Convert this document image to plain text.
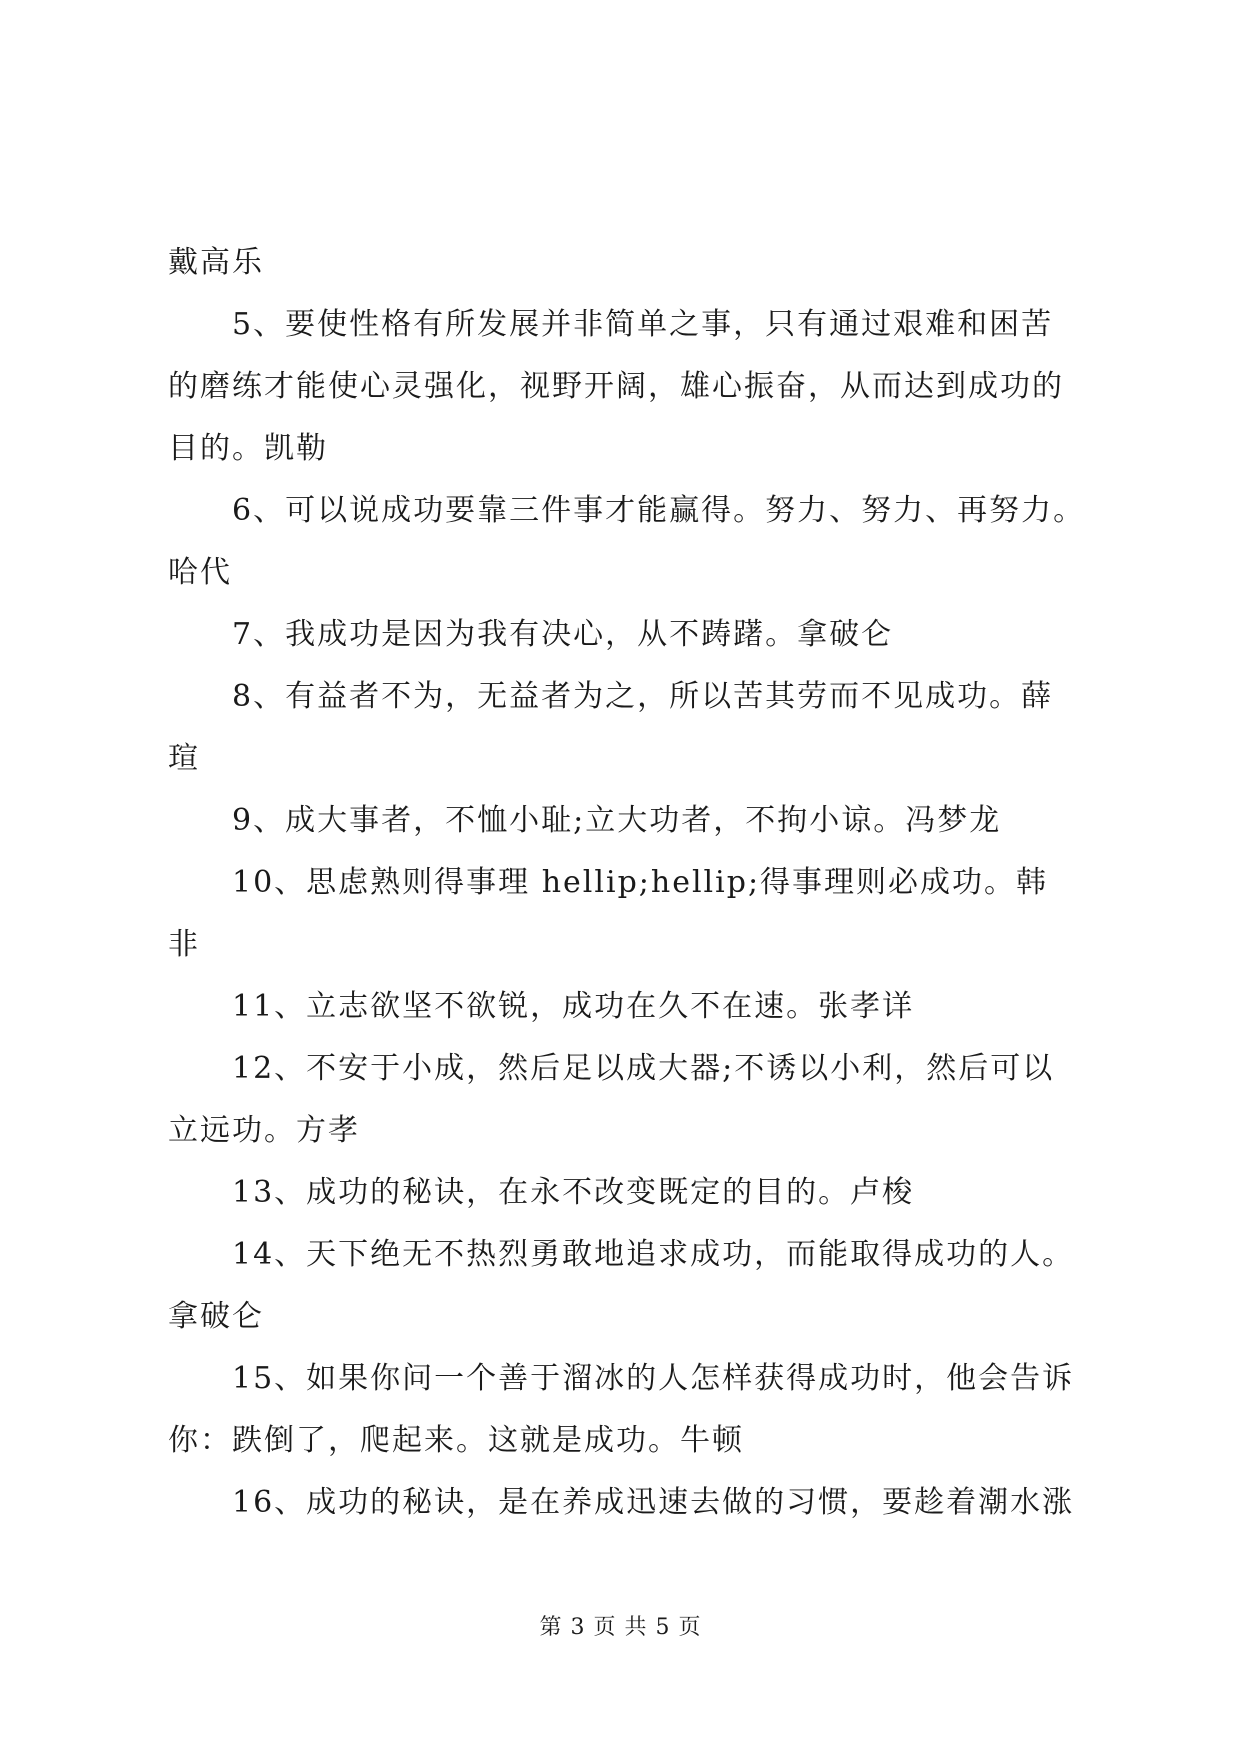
戴高乐
5、要使性格有所发展并非简单之事，只有通过艰难和困苦
的磨练才能使心灵强化，视野开阔，雄心振奋，从而达到成功的
目的。凯勒
6、可以说成功要靠三件事才能赢得。努力、努力、再努力。
哈代
7、我成功是因为我有决心，从不踌躇。拿破仑
8、有益者不为，无益者为之，所以苦其劳而不见成功。薛
瑄
9、成大事者，不恤小耻;立大功者，不拘小谅。冯梦龙
10、思虑熟则得事理 hellip;hellip;得事理则必成功。韩
非
11、立志欲坚不欲锐，成功在久不在速。张孝详
12、不安于小成，然后足以成大器;不诱以小利，然后可以
立远功。方孝
13、成功的秘诀，在永不改变既定的目的。卢梭
14、天下绝无不热烈勇敢地追求成功，而能取得成功的人。
拿破仑
15、如果你问一个善于溜冰的人怎样获得成功时，他会告诉
你：跌倒了，爬起来。这就是成功。牛顿
16、成功的秘诀，是在养成迅速去做的习惯，要趁着潮水涨
第 3 页 共 5 页
